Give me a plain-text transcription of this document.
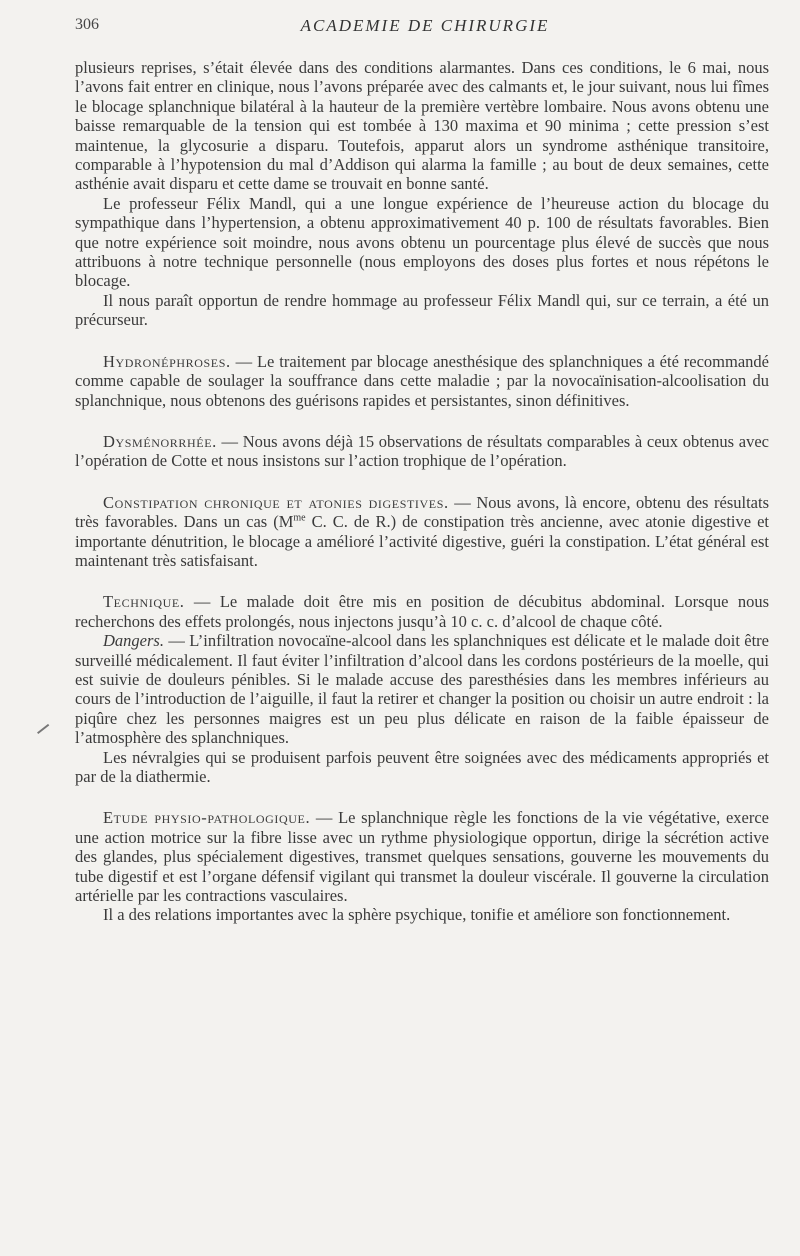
306	ACADEMIE DE CHIRURGIE

plusieurs reprises, s’était élevée dans des conditions alarmantes. Dans ces conditions, le 6 mai, nous l’avons fait entrer en clinique, nous l’avons préparée avec des calmants et, le jour suivant, nous lui fîmes le blocage splanchnique bilatéral à la hauteur de la première vertèbre lombaire. Nous avons obtenu une baisse remarquable de la tension qui est tombée à 130 maxima et 90 minima ; cette pression s’est maintenue, la glycosurie a disparu. Toutefois, apparut alors un syndrome asthénique transitoire, comparable à l’hypotension du mal d’Addison qui alarma la famille ; au bout de deux semaines, cette asthénie avait disparu et cette dame se trouvait en bonne santé.

Le professeur Félix Mandl, qui a une longue expérience de l’heureuse action du blocage du sympathique dans l’hypertension, a obtenu approximativement 40 p. 100 de résultats favorables. Bien que notre expérience soit moindre, nous avons obtenu un pourcentage plus élevé de succès que nous attribuons à notre technique personnelle (nous employons des doses plus fortes et nous répétons le blocage.

Il nous paraît opportun de rendre hommage au professeur Félix Mandl qui, sur ce terrain, a été un précurseur.

Hydronéphroses. — Le traitement par blocage anesthésique des splanchniques a été recommandé comme capable de soulager la souffrance dans cette maladie ; par la novocaïnisation-alcoolisation du splanchnique, nous obtenons des guérisons rapides et persistantes, sinon définitives.

Dysménorrhée. — Nous avons déjà 15 observations de résultats comparables à ceux obtenus avec l’opération de Cotte et nous insistons sur l’action trophique de l’opération.

Constipation chronique et atonies digestives. — Nous avons, là encore, obtenu des résultats très favorables. Dans un cas ($M^{me}$ C. C. de R.) de constipation très ancienne, avec atonie digestive et importante dénutrition, le blocage a amélioré l’activité digestive, guéri la constipation. L’état général est maintenant très satisfaisant.

Technique. — Le malade doit être mis en position de décubitus abdominal. Lorsque nous recherchons des effets prolongés, nous injectons jusqu’à 10 c. c. d’alcool de chaque côté.

Dangers. — L’infiltration novocaïne-alcool dans les splanchniques est délicate et le malade doit être surveillé médicalement. Il faut éviter l’infiltration d’alcool dans les cordons postérieurs de la moelle, qui est suivie de douleurs pénibles. Si le malade accuse des paresthésies dans les membres inférieurs au cours de l’introduction de l’aiguille, il faut la retirer et changer la position ou choisir un autre endroit : la piqûre chez les personnes maigres est un peu plus délicate en raison de la faible épaisseur de l’atmosphère des splanchniques.

Les névralgies qui se produisent parfois peuvent être soignées avec des médicaments appropriés et par de la diathermie.

Etude physio-pathologique. — Le splanchnique règle les fonctions de la vie végétative, exerce une action motrice sur la fibre lisse avec un rythme physiologique opportun, dirige la sécrétion active des glandes, plus spécialement digestives, transmet quelques sensations, gouverne les mouvements du tube digestif et est l’organe défensif vigilant qui transmet la douleur viscérale. Il gouverne la circulation artérielle par les contractions vasculaires.

Il a des relations importantes avec la sphère psychique, tonifie et améliore son fonctionnement.
